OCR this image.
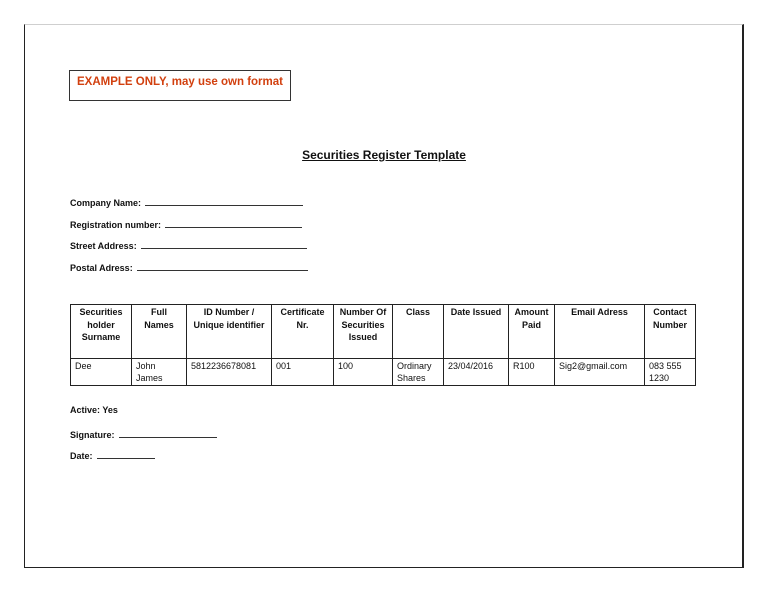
EXAMPLE ONLY, may use own format
Securities Register Template
Company Name:
Registration number:
Street Address:
Postal Adress:
Securities holder Surname	Full Names	ID Number / Unique identifier	Certificate Nr.	Number Of Securities Issued	Class	Date Issued	Amount Paid	Email Adress	Contact Number
Dee	John James	5812236678081	001	100	Ordinary Shares	23/04/2016	R100	Sig2@gmail.com	083 555 1230
Active: Yes
Signature:
Date:
